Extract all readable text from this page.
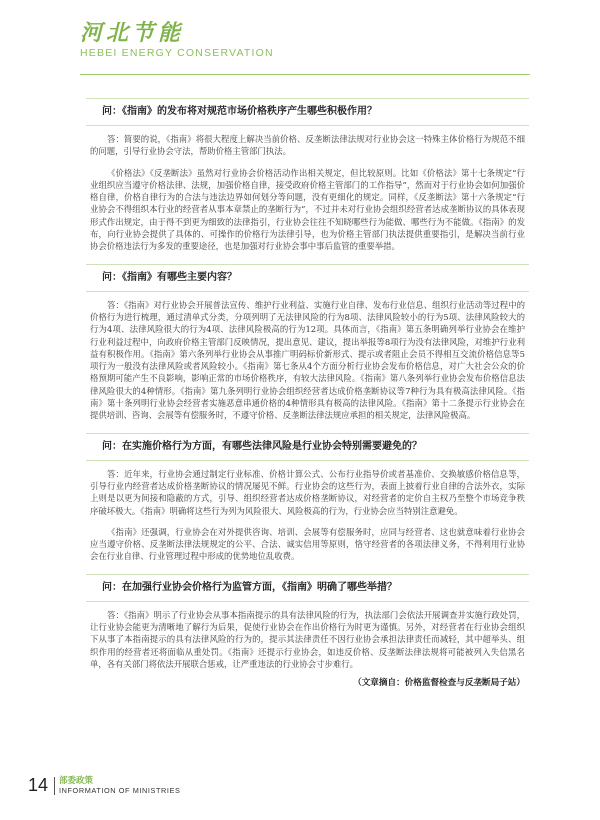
河北节能
HEBEI ENERGY CONSERVATION
问：《指南》的发布将对规范市场价格秩序产生哪些积极作用？

答：简要的说，《指南》将很大程度上解决当前价格、反垄断法律法规对行业协会这一特殊主体价格行为规范不细的问题，引导行业协会守法，帮助价格主管部门执法。

《价格法》《反垄断法》虽然对行业协会价格活动作出相关规定，但比较原则。比如《价格法》第十七条规定“行业组织应当遵守价格法律、法规，加强价格自律，接受政府价格主管部门的工作指导”，然而对于行业协会如何加强价格自律，价格自律行为的合法与违法边界如何划分等问题，没有更细化的规定。同样，《反垄断法》第十六条规定“行业协会不得组织本行业的经营者从事本章禁止的垄断行为”，不过并未对行业协会组织经营者达成垄断协议的具体表现形式作出规定，由于得不到更为细致的法律指引，行业协会往往不知晓哪些行为能做、哪些行为不能做。《指南》的发布，向行业协会提供了具体的、可操作的价格行为法律引导，也为价格主管部门执法提供重要指引，是解决当前行业协会价格违法行为多发的重要途径，也是加强对行业协会事中事后监管的重要举措。

问：《指南》有哪些主要内容？

答：《指南》对行业协会开展普法宣传、维护行业利益、实施行业自律、发布行业信息、组织行业活动等过程中的价格行为进行梳理，通过清单式分类，分项列明了无法律风险的行为8项、法律风险较小的行为5项、法律风险较大的行为4项、法律风险很大的行为4项、法律风险极高的行为12项。具体而言，《指南》第五条明确列举行业协会在维护行业利益过程中，向政府价格主管部门反映情况，提出意见、建议，提出举报等8项行为没有法律风险，对维护行业利益有积极作用。《指南》第六条列举行业协会从事推广明码标价新形式、提示或者阻止会员不得相互交流价格信息等5项行为一般没有法律风险或者风险较小。《指南》第七条从4个方面分析行业协会发布价格信息，对广大社会公众的价格预期可能产生不良影响，影响正常的市场价格秩序，有较大法律风险。《指南》第八条列举行业协会发布价格信息法律风险很大的4种情形。《指南》第九条列明行业协会组织经营者达成价格垄断协议等7种行为具有极高法律风险。《指南》第十条列明行业协会经营者实施恶意串通价格的4种情形具有极高的法律风险。《指南》第十二条提示行业协会在提供培训、咨询、会展等有偿服务时，不遵守价格、反垄断法律法规应承担的相关规定，法律风险极高。

问：在实施价格行为方面，有哪些法律风险是行业协会特别需要避免的？

答：近年来，行业协会通过制定行业标准、价格计算公式、公布行业指导价或者基准价、交换敏感价格信息等，引导行业内经营者达成价格垄断协议的情况屡见不鲜。行业协会的这些行为，表面上披着行业自律的合法外衣，实际上则是以更为间接和隐蔽的方式，引导、组织经营者达成价格垄断协议，对经营者的定价自主权乃至整个市场竞争秩序破坏极大。《指南》明确将这些行为列为风险很大、风险极高的行为，行业协会应当特别注意避免。

《指南》还强调，行业协会在对外提供咨询、培训、会展等有偿服务时，应同与经营者、这也就意味着行业协会应当遵守价格、反垄断法律法规规定的公平、合法、诚实信用等原则，恪守经营者的各项法律义务，不得利用行业协会在行业自律、行业管理过程中形成的优势地位乱收费。

问：在加强行业协会价格行为监管方面，《指南》明确了哪些举措？

答：《指南》明示了行业协会从事本指南提示的具有法律风险的行为，执法部门会依法开展调查并实施行政处罚，让行业协会能更为清晰地了解行为后果，促使行业协会在作出价格行为时更为谨慎。另外，对经营者在行业协会组织下从事了本指南提示的具有法律风险的行为的，提示其法律责任不因行业协会承担法律责任而减轻，其中超举头、组织作用的经营者还将面临从重处罚。《指南》还提示行业协会，如违反价格、反垄断法律法规将可能被列入失信黑名单，各有关部门将依法开展联合惩戒，让严重违法的行业协会寸步难行。

（文章摘自：价格监督检查与反垄断局子站）
14 部委政策
INFORMATION OF MINISTRIES
